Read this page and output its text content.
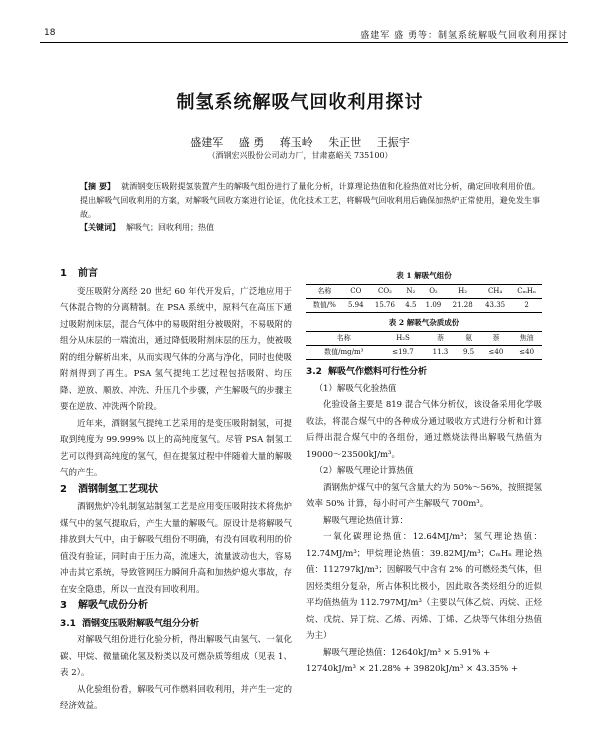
18	盛建军 盛 勇等：制氢系统解吸气回收利用探讨
制氢系统解吸气回收利用探讨
盛建军 盛 勇 蒋玉岭 朱正世 王振宇
（酒钢宏兴股份公司动力厂，甘肃嘉峪关 735100）
【摘 要】 就酒钢变压吸附提氢装置产生的解吸气组份进行了量化分析，计算理论热值和化验热值对比分析，确定回收利用价值。提出解吸气回收利用的方案，对解吸气回收方案进行论证，优化技术工艺，将解吸气回收利用后确保加热炉正常使用，避免发生事故。
【关键词】 解吸气；回收利用；热值
1 前言

变压吸附分离经 20 世纪 60 年代开发后，广泛地应用于气体混合物的分离精制。在 PSA 系统中，原料气在高压下通过吸附剂床层，混合气体中的易吸附组分被吸附，不易吸附的组分从床层的一端流出，通过降低吸附剂床层的压力，使被吸附的组分解析出来，从而实现气体的分离与净化，同时也使吸附剂得到了再生。PSA 氢气提纯工艺过程包括吸附、均压降、逆放、顺放、冲洗、升压几个步骤，产生解吸气的步骤主要在逆放、冲洗两个阶段。

近年来，酒钢氢气提纯工艺采用的是变压吸附制氢，可提取到纯度为 99.999% 以上的高纯度氢气。尽管 PSA 制氢工艺可以得到高纯度的氢气，但在提氢过程中伴随着大量的解吸气的产生。

2 酒钢制氢工艺现状

酒钢焦炉冷轧制氢站制氢工艺是应用变压吸附技术将焦炉煤气中的氢气提取后，产生大量的解吸气。原设计是将解吸气排放到大气中，由于解吸气组份不明确，有没有回收利用的价值没有验证，同时由于压力高，流速大，流量波动也大，容易冲击其它系统，导致管网压力瞬间升高和加热炉熄火事故，存在安全隐患，所以一直没有回收利用。

3 解吸气成份分析
3.1 酒钢变压吸附解吸气组分分析

对解吸气组份进行化验分析，得出解吸气由氢气、一氧化碳、甲烷、微量硫化氢及粉类以及可燃杂质等组成（见表 1、表 2）。

从化验组份看，解吸气可作燃料回收利用，并产生一定的经济效益。

表 1 解吸气组份
名称	CO	CO₂	N₂	O₂	H₂	CH₄	CₘHₙ
数值/%	5.94	15.76	4.5	1.09	21.28	43.35	2
表 2 解吸气杂质成份
名称	H₂S	萘	氨	萘	焦油
数值/mg/m³	≤19.7	11.3	9.5	≤40	≤40
3.2 解吸气作燃料可行性分析

（1）解吸气化验热值

化验设备主要是 819 混合气体分析仪，该设备采用化学吸收法，将混合煤气中的各种成分通过吸收方式进行分析和计算后得出混合煤气中的各组份，通过燃烧法得出解吸气热值为 19000～23500kJ/m³。

（2）解吸气理论计算热值

酒钢焦炉煤气中的氢气含量大约为 50%～56%，按照提氢效率 50% 计算，每小时可产生解吸气 700m³。

解吸气理论热值计算：

一氧化碳理论热值：12.64MJ/m³；氢气理论热值：12.74MJ/m³；甲烷理论热值：39.82MJ/m³；CₘHₙ 理论热值：112797kJ/m³；因解吸气中含有 2% 的可燃烃类气体，但因烃类组分复杂，所占体积比极小，因此取各类烃组分的近似平均值热值为 112.797MJ/m³（主要以气体乙烷、丙烷、正烃烷、戊烷、异丁烷、乙烯、丙烯、丁烯、乙炔等气体组分热值为主）

解吸气理论热值：12640kJ/m³ × 5.91% +

12740kJ/m³ × 21.28% + 39820kJ/m³ × 43.35% +
